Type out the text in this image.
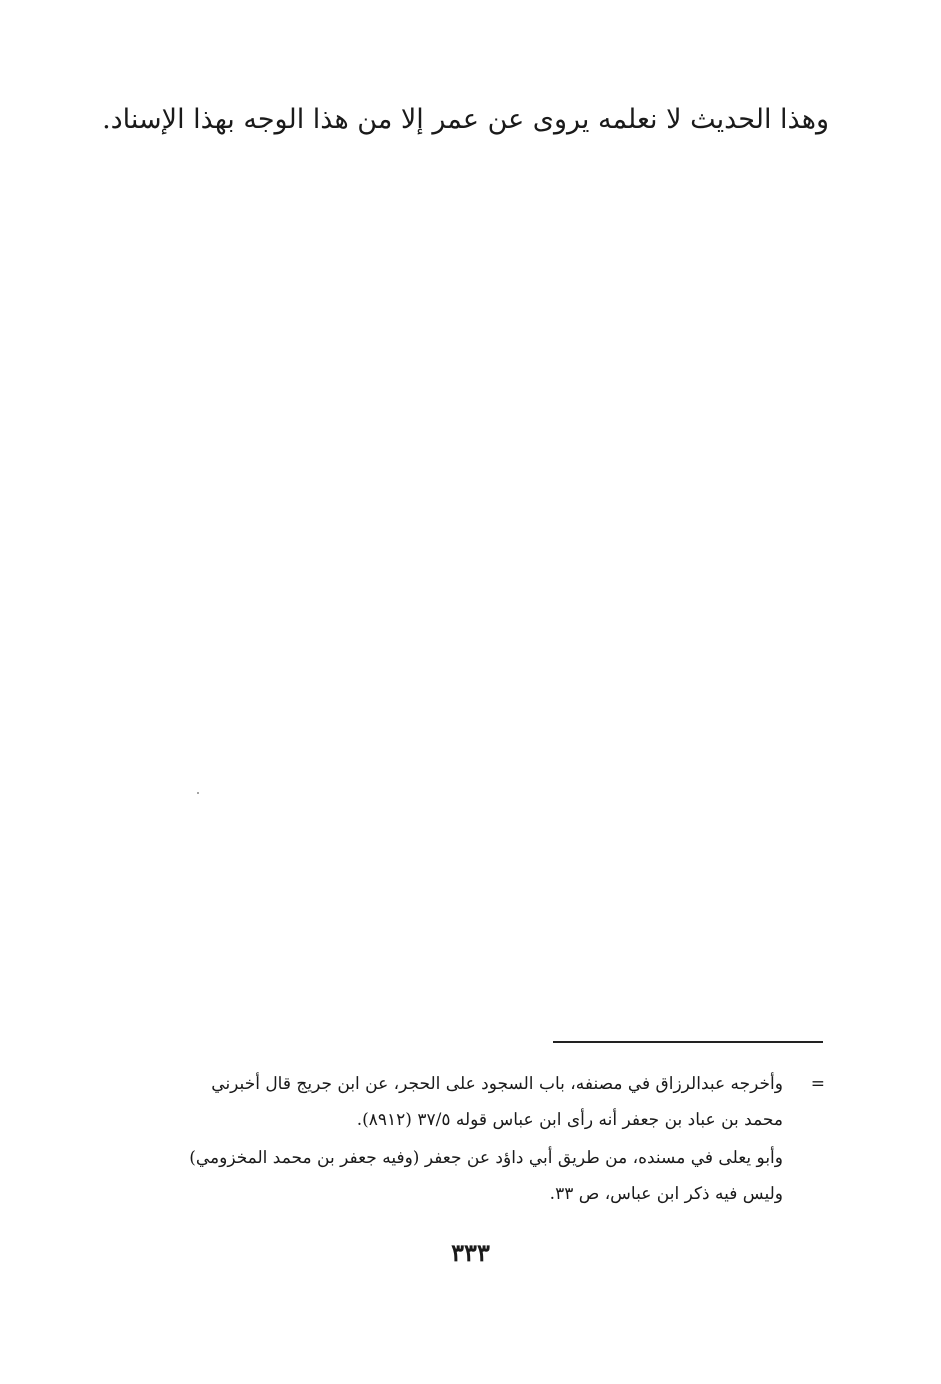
وهذا الحديث لا نعلمه يروى عن عمر إلا من هذا الوجه بهذا الإسناد.
=
وأخرجه عبدالرزاق في مصنفه، باب السجود على الحجر، عن ابن جريج قال أخبرني
محمد بن عباد بن جعفر أنه رأى ابن عباس قوله ٣٧/٥ (٨٩١٢).
وأبو يعلى في مسنده، من طريق أبي داؤد عن جعفر (وفيه جعفر بن محمد المخزومي)
وليس فيه ذكر ابن عباس، ص ٣٣.
٣٣٣
